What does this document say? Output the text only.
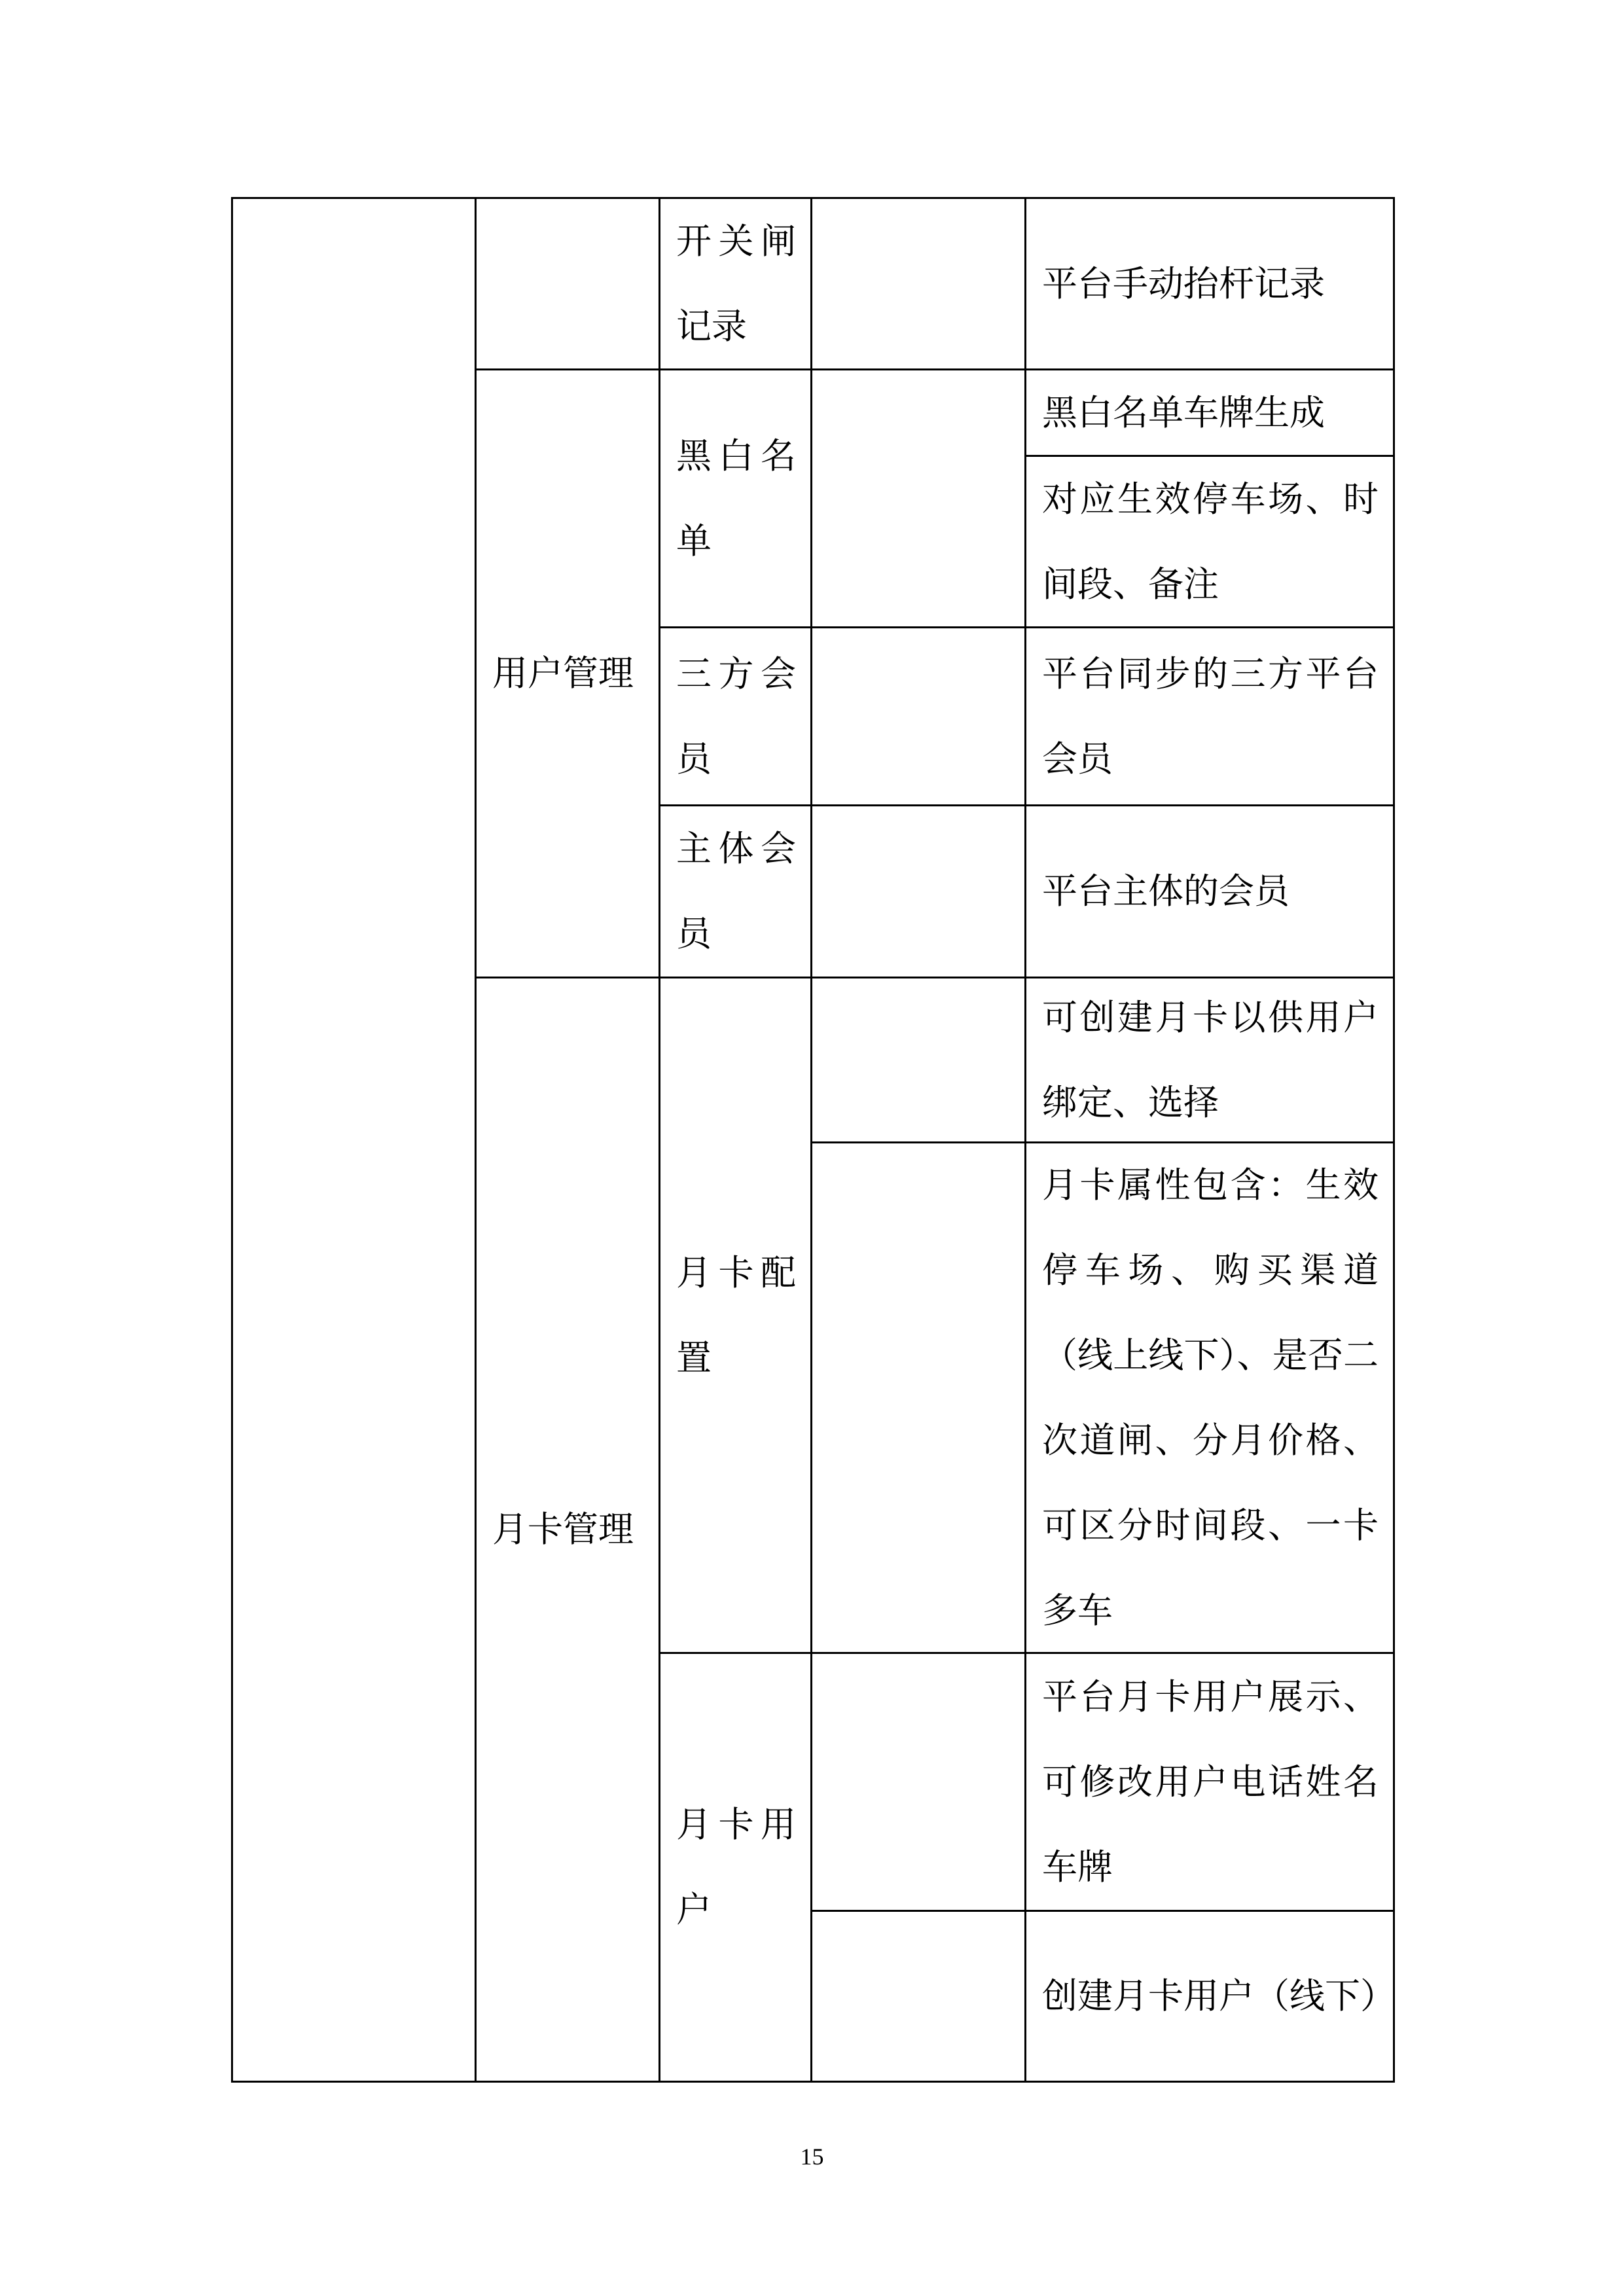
用户管理
月卡管理
开关闸记录
黑白名单
三方会员
主体会员
月卡配置
月卡用户
平台手动抬杆记录
黑白名单车牌生成
对应生效停车场、时间段、备注
平台同步的三方平台会员
平台主体的会员
可创建月卡以供用户绑定、选择
月卡属性包含：生效停车场、购买渠道（线上线下）、是否二次道闸、分月价格、可区分时间段、一卡多车
平台月卡用户展示、可修改用户电话姓名车牌
创建月卡用户（线下）
15
